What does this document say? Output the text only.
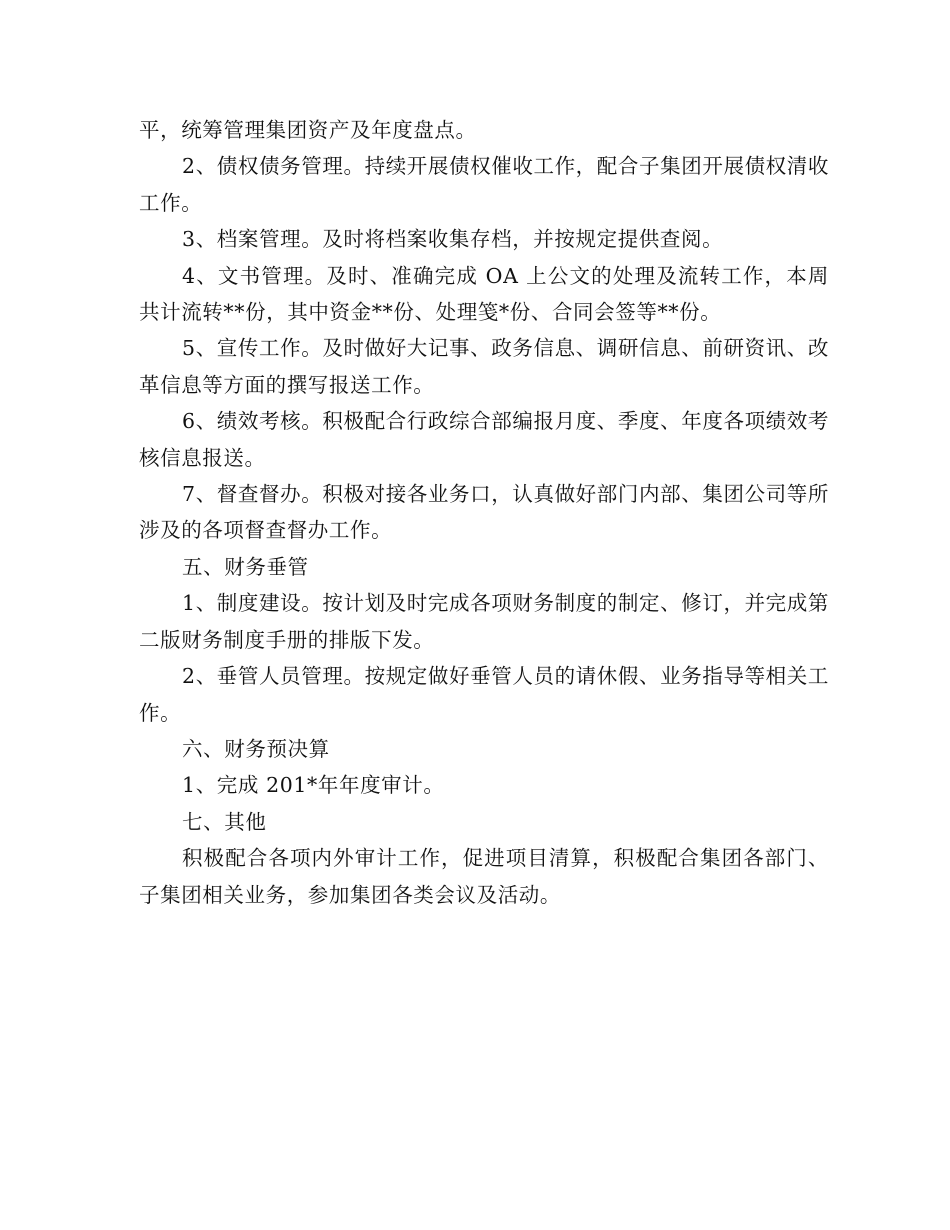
平，统筹管理集团资产及年度盘点。

2、债权债务管理。持续开展债权催收工作，配合子集团开展债权清收工作。

3、档案管理。及时将档案收集存档，并按规定提供查阅。

4、文书管理。及时、准确完成 OA 上公文的处理及流转工作，本周共计流转**份，其中资金**份、处理笺*份、合同会签等**份。

5、宣传工作。及时做好大记事、政务信息、调研信息、前研资讯、改革信息等方面的撰写报送工作。

6、绩效考核。积极配合行政综合部编报月度、季度、年度各项绩效考核信息报送。

7、督查督办。积极对接各业务口，认真做好部门内部、集团公司等所涉及的各项督查督办工作。

五、财务垂管

1、制度建设。按计划及时完成各项财务制度的制定、修订，并完成第二版财务制度手册的排版下发。

2、垂管人员管理。按规定做好垂管人员的请休假、业务指导等相关工作。

六、财务预决算

1、完成 201*年年度审计。

七、其他

积极配合各项内外审计工作，促进项目清算，积极配合集团各部门、子集团相关业务，参加集团各类会议及活动。
